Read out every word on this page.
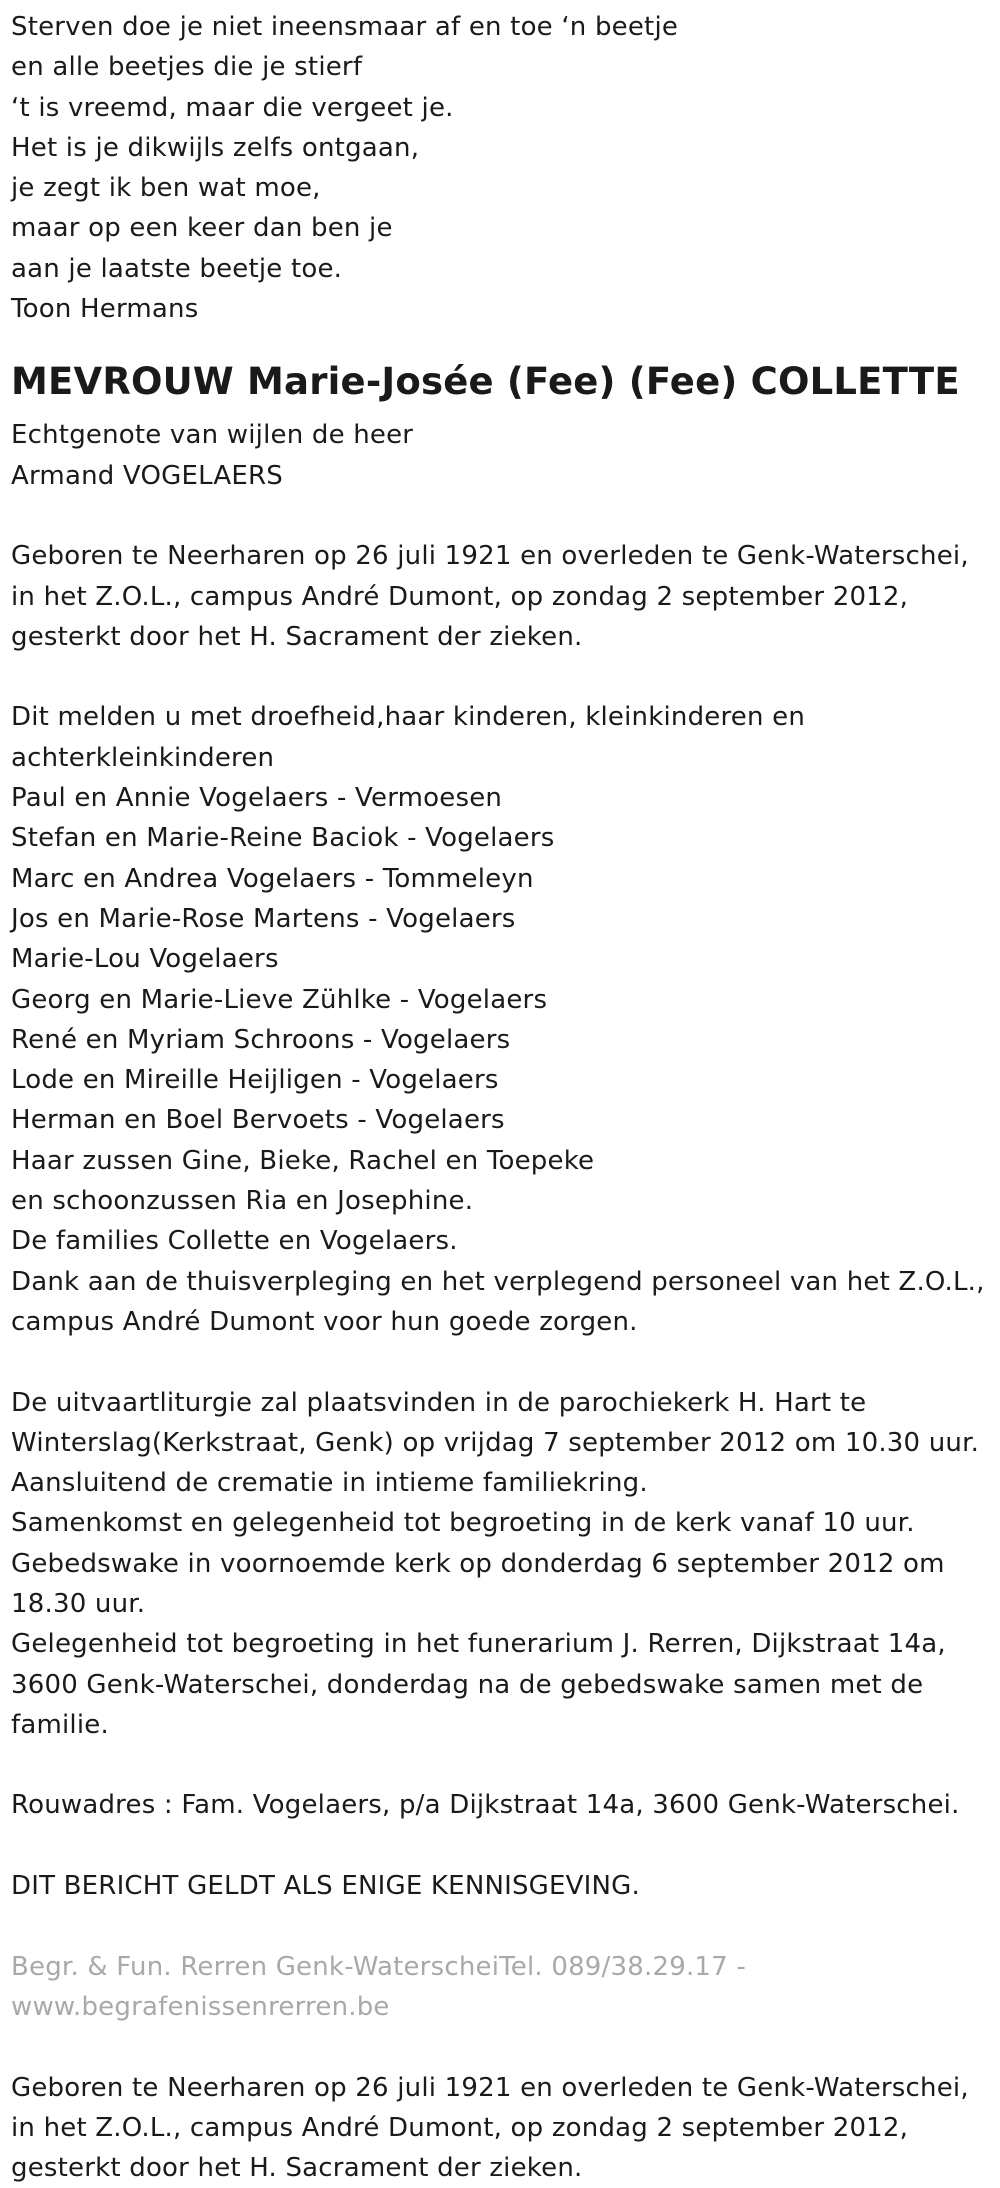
Sterven doe je niet ineensmaar af en toe ‘n beetje
en alle beetjes die je stierf
‘t is vreemd, maar die vergeet je.
Het is je dikwijls zelfs ontgaan,
je zegt ik ben wat moe,
maar op een keer dan ben je
aan je laatste beetje toe.
Toon Hermans
MEVROUW Marie-Josée (Fee) (Fee) COLLETTE
Echtgenote van wijlen de heer
Armand VOGELAERS
Geboren te Neerharen op 26 juli 1921 en overleden te Genk-Waterschei,
in het Z.O.L., campus André Dumont, op zondag 2 september 2012,
gesterkt door het H. Sacrament der zieken.
Dit melden u met droefheid,haar kinderen, kleinkinderen en
achterkleinkinderen
Paul en Annie Vogelaers - Vermoesen
Stefan en Marie-Reine Baciok - Vogelaers
Marc en Andrea Vogelaers - Tommeleyn
Jos en Marie-Rose Martens - Vogelaers
Marie-Lou Vogelaers
Georg en Marie-Lieve Zühlke - Vogelaers
René en Myriam Schroons - Vogelaers
Lode en Mireille Heijligen - Vogelaers
Herman en Boel Bervoets - Vogelaers
Haar zussen Gine, Bieke, Rachel en Toepeke
en schoonzussen Ria en Josephine.
De families Collette en Vogelaers.
Dank aan de thuisverpleging en het verplegend personeel van het Z.O.L.,
campus André Dumont voor hun goede zorgen.
De uitvaartliturgie zal plaatsvinden in de parochiekerk H. Hart te
Winterslag(Kerkstraat, Genk) op vrijdag 7 september 2012 om 10.30 uur.
Aansluitend de crematie in intieme familiekring.
Samenkomst en gelegenheid tot begroeting in de kerk vanaf 10 uur.
Gebedswake in voornoemde kerk op donderdag 6 september 2012 om
18.30 uur.
Gelegenheid tot begroeting in het funerarium J. Rerren, Dijkstraat 14a,
3600 Genk-Waterschei, donderdag na de gebedswake samen met de
familie.
Rouwadres : Fam. Vogelaers, p/a Dijkstraat 14a, 3600 Genk-Waterschei.
DIT BERICHT GELDT ALS ENIGE KENNISGEVING.
Begr. & Fun. Rerren Genk-WaterscheiTel. 089/38.29.17 -
www.begrafenissenrerren.be
Geboren te Neerharen op 26 juli 1921 en overleden te Genk-Waterschei,
in het Z.O.L., campus André Dumont, op zondag 2 september 2012,
gesterkt door het H. Sacrament der zieken.
